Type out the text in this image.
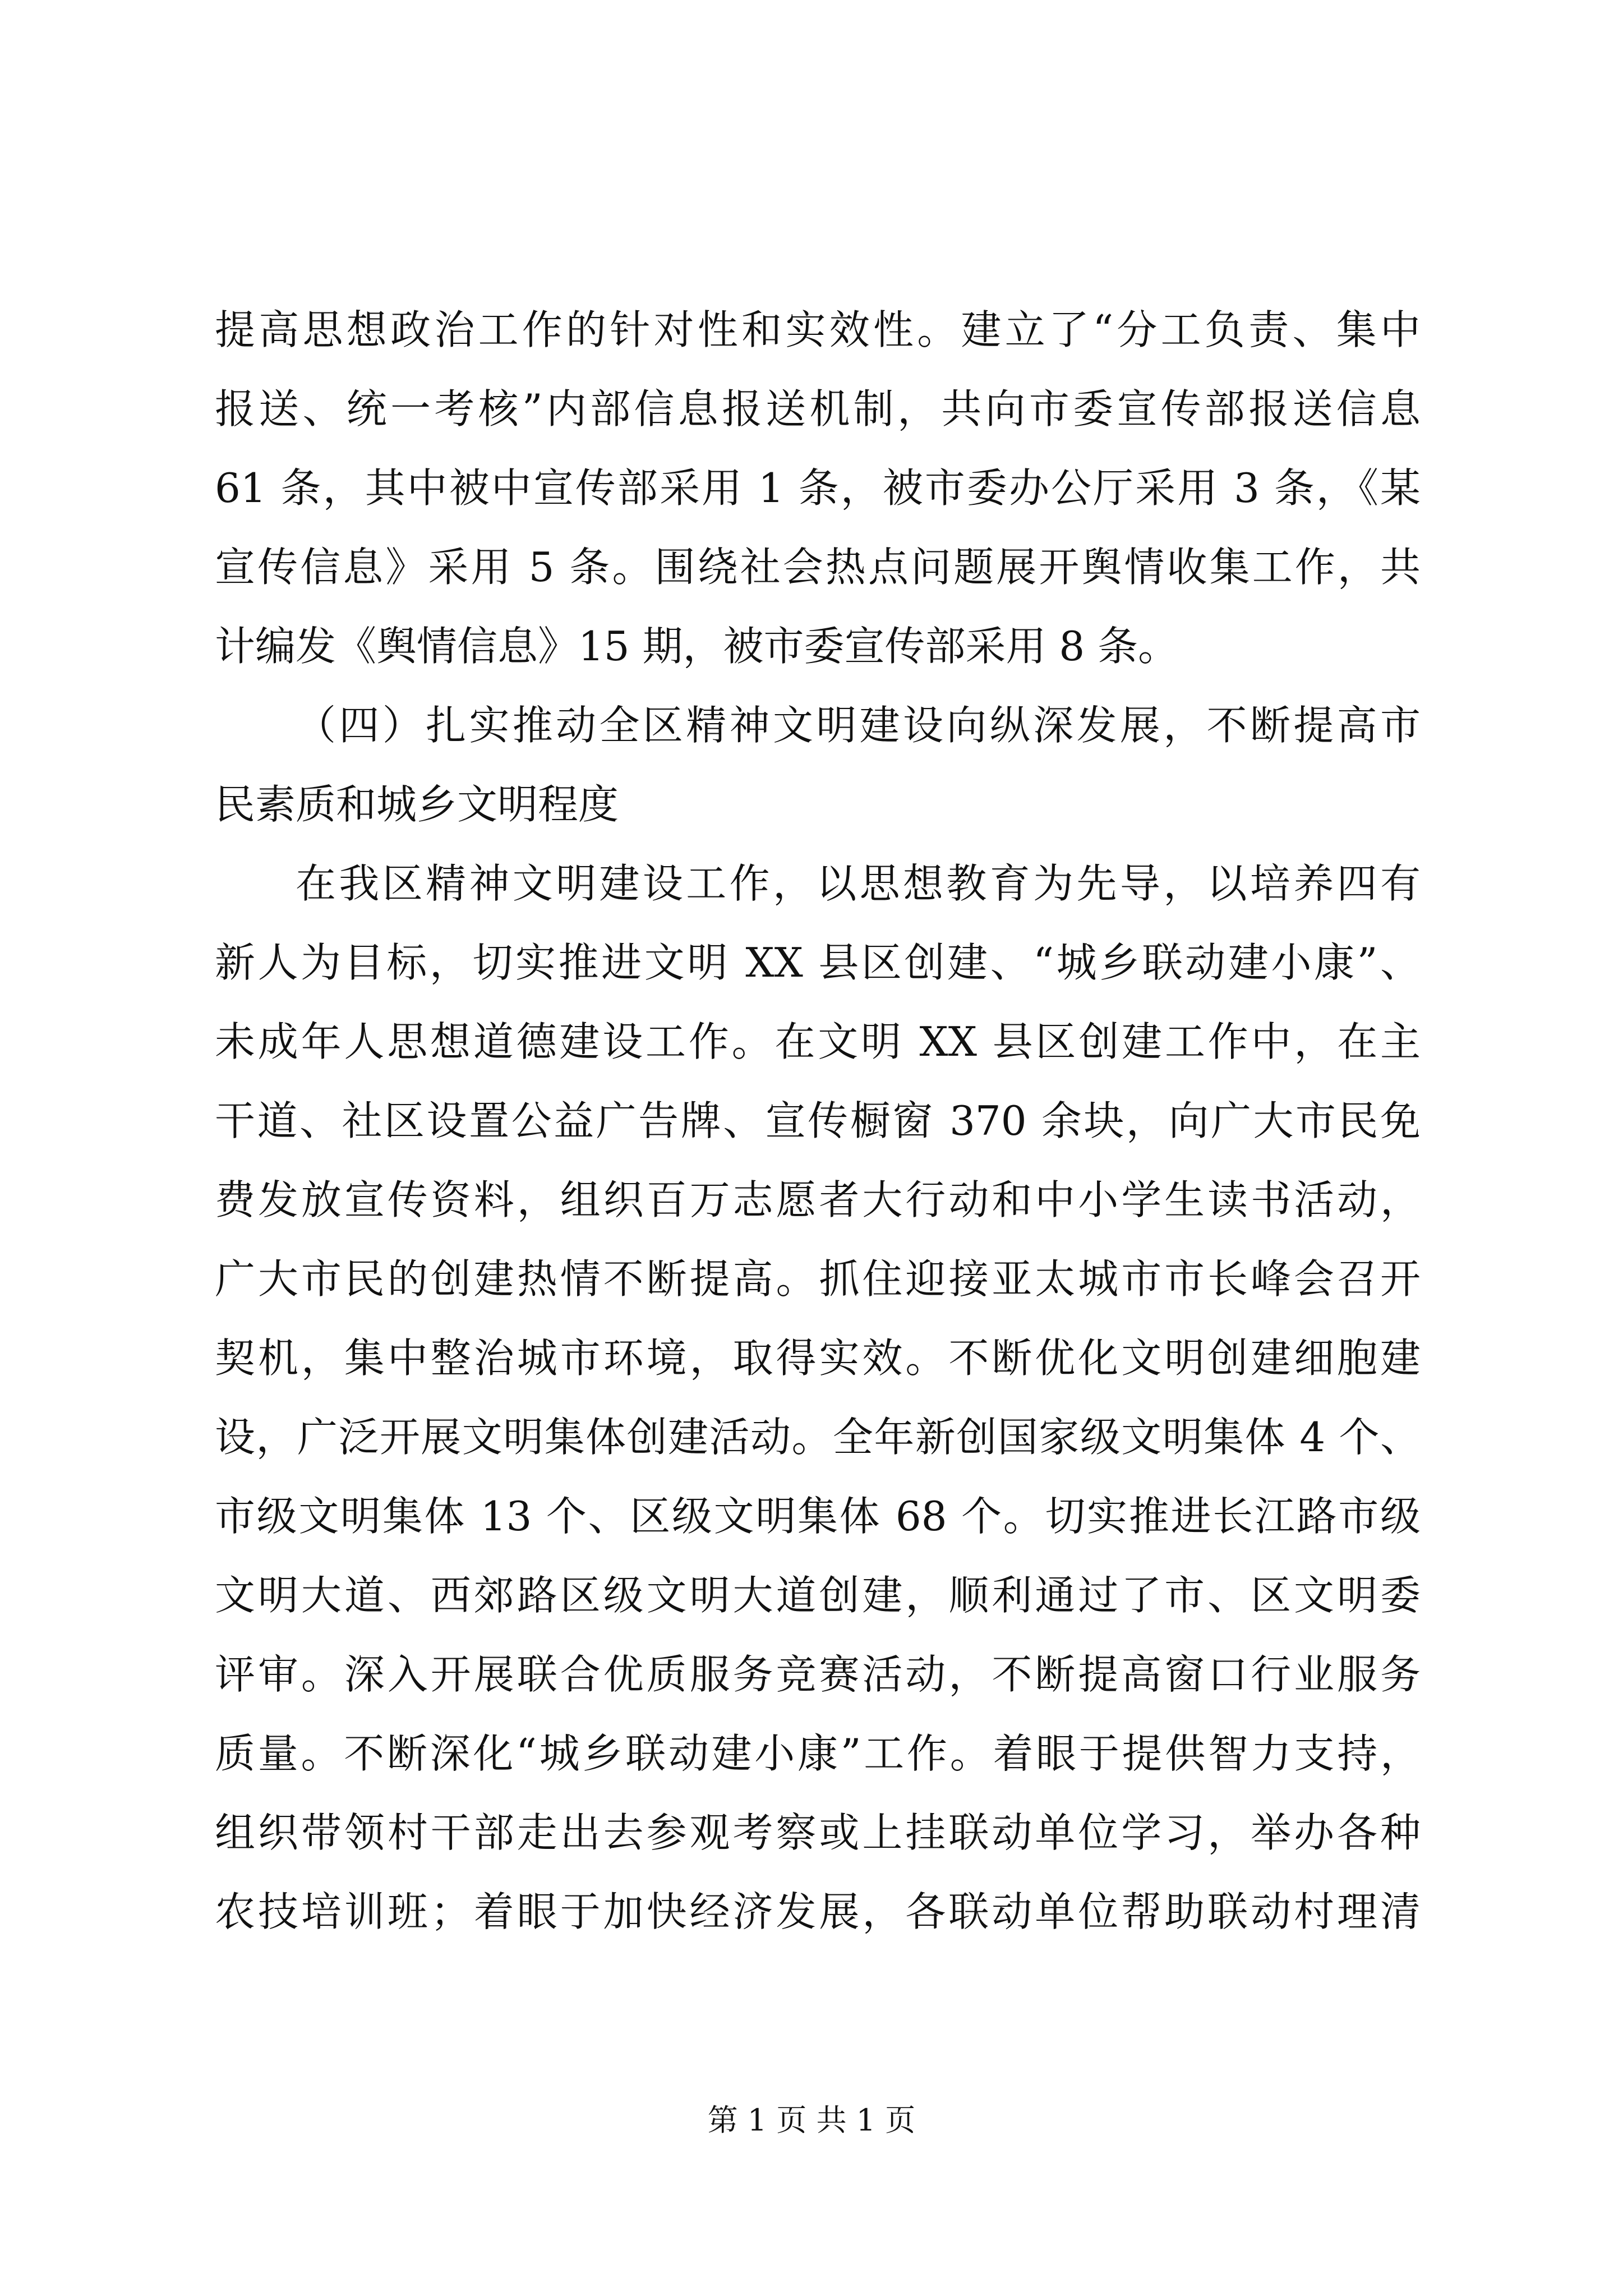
提高思想政治工作的针对性和实效性。建立了“分工负责、集中
报送、统一考核”内部信息报送机制，共向市委宣传部报送信息
61 条，其中被中宣传部采用 1 条，被市委办公厅采用 3 条，《某
宣传信息》采用 5 条。围绕社会热点问题展开舆情收集工作，共
计编发《舆情信息》15 期，被市委宣传部采用 8 条。
（四）扎实推动全区精神文明建设向纵深发展，不断提高市
民素质和城乡文明程度
在我区精神文明建设工作，以思想教育为先导，以培养四有
新人为目标，切实推进文明 XX 县区创建、“城乡联动建小康”、
未成年人思想道德建设工作。在文明 XX 县区创建工作中，在主
干道、社区设置公益广告牌、宣传橱窗 370 余块，向广大市民免
费发放宣传资料，组织百万志愿者大行动和中小学生读书活动，
广大市民的创建热情不断提高。抓住迎接亚太城市市长峰会召开
契机，集中整治城市环境，取得实效。不断优化文明创建细胞建
设，广泛开展文明集体创建活动。全年新创国家级文明集体 4 个、
市级文明集体 13 个、区级文明集体 68 个。切实推进长江路市级
文明大道、西郊路区级文明大道创建，顺利通过了市、区文明委
评审。深入开展联合优质服务竞赛活动，不断提高窗口行业服务
质量。不断深化“城乡联动建小康”工作。着眼于提供智力支持，
组织带领村干部走出去参观考察或上挂联动单位学习，举办各种
农技培训班；着眼于加快经济发展，各联动单位帮助联动村理清
第 1 页 共 1 页
